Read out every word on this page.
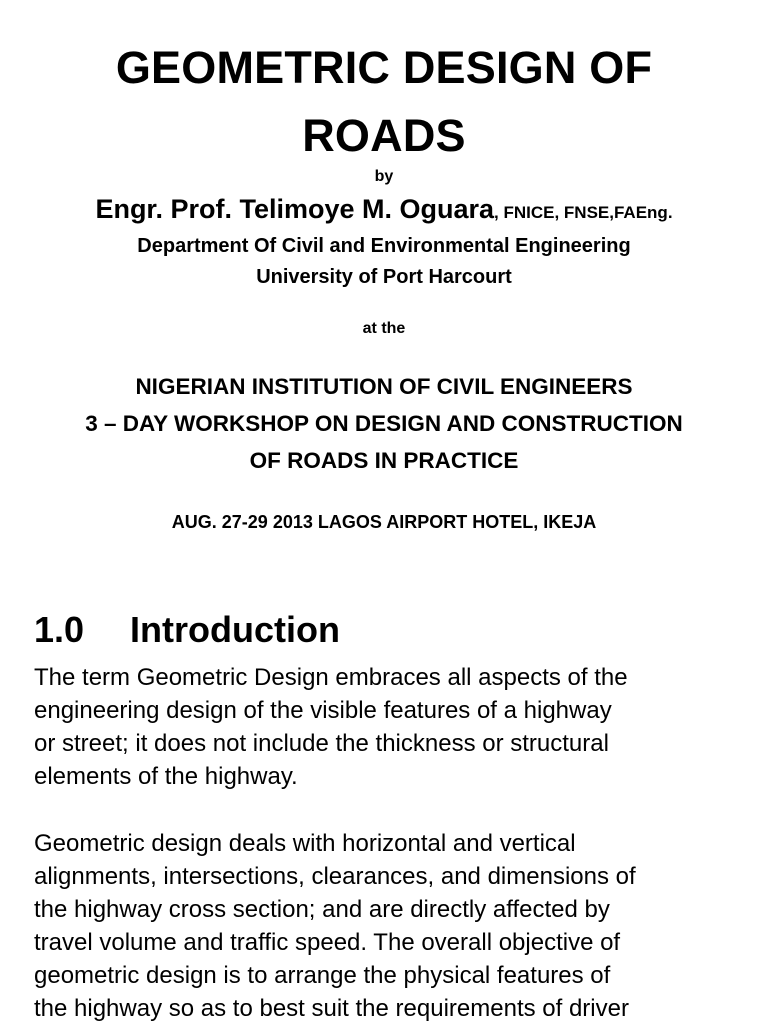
GEOMETRIC DESIGN OF
ROADS
by
Engr. Prof. Telimoye M. Oguara, FNICE, FNSE,FAEng.
Department Of Civil and Environmental Engineering
University of Port Harcourt
at the
NIGERIAN INSTITUTION OF CIVIL ENGINEERS
3 – DAY WORKSHOP ON DESIGN AND CONSTRUCTION
OF ROADS IN PRACTICE
AUG. 27-29 2013 LAGOS AIRPORT HOTEL, IKEJA
1.0 Introduction
The term Geometric Design embraces all aspects of the
engineering design of the visible features of a highway
or street; it does not include the thickness or structural
elements of the highway.
Geometric design deals with horizontal and vertical
alignments, intersections, clearances, and dimensions of
the highway cross section; and are directly affected by
travel volume and traffic speed. The overall objective of
geometric design is to arrange the physical features of
the highway so as to best suit the requirements of driver
